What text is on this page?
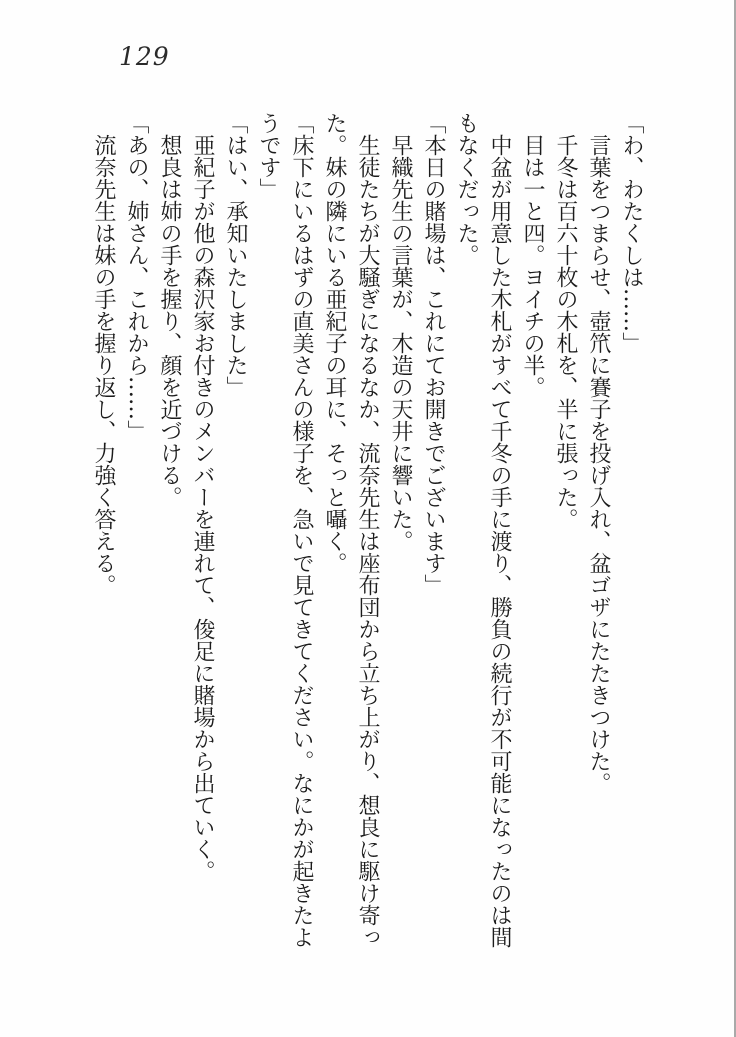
129

「わ、わたくしは……」

言葉をつまらせ、壺笊に賽子を投げ入れ、盆ゴザにたたきつけた。

千冬は百六十枚の木札を、半に張った。

目は一と四。ヨイチの半。

中盆が用意した木札がすべて千冬の手に渡り、勝負の続行が不可能になったのは間もなくだった。

「本日の賭場は、これにてお開きでございます」

早織先生の言葉が、木造の天井に響いた。

生徒たちが大騒ぎになるなか、流奈先生は座布団から立ち上がり、想良に駆け寄った。妹の隣にいる亜紀子の耳に、そっと囁く。

「床下にいるはずの直美さんの様子を、急いで見てきてください。なにかが起きたようです」

「はい、承知いたしました」

亜紀子が他の森沢家お付きのメンバーを連れて、俊足に賭場から出ていく。

想良は姉の手を握り、顔を近づける。

「あの、姉さん、これから……」

流奈先生は妹の手を握り返し、力強く答える。
